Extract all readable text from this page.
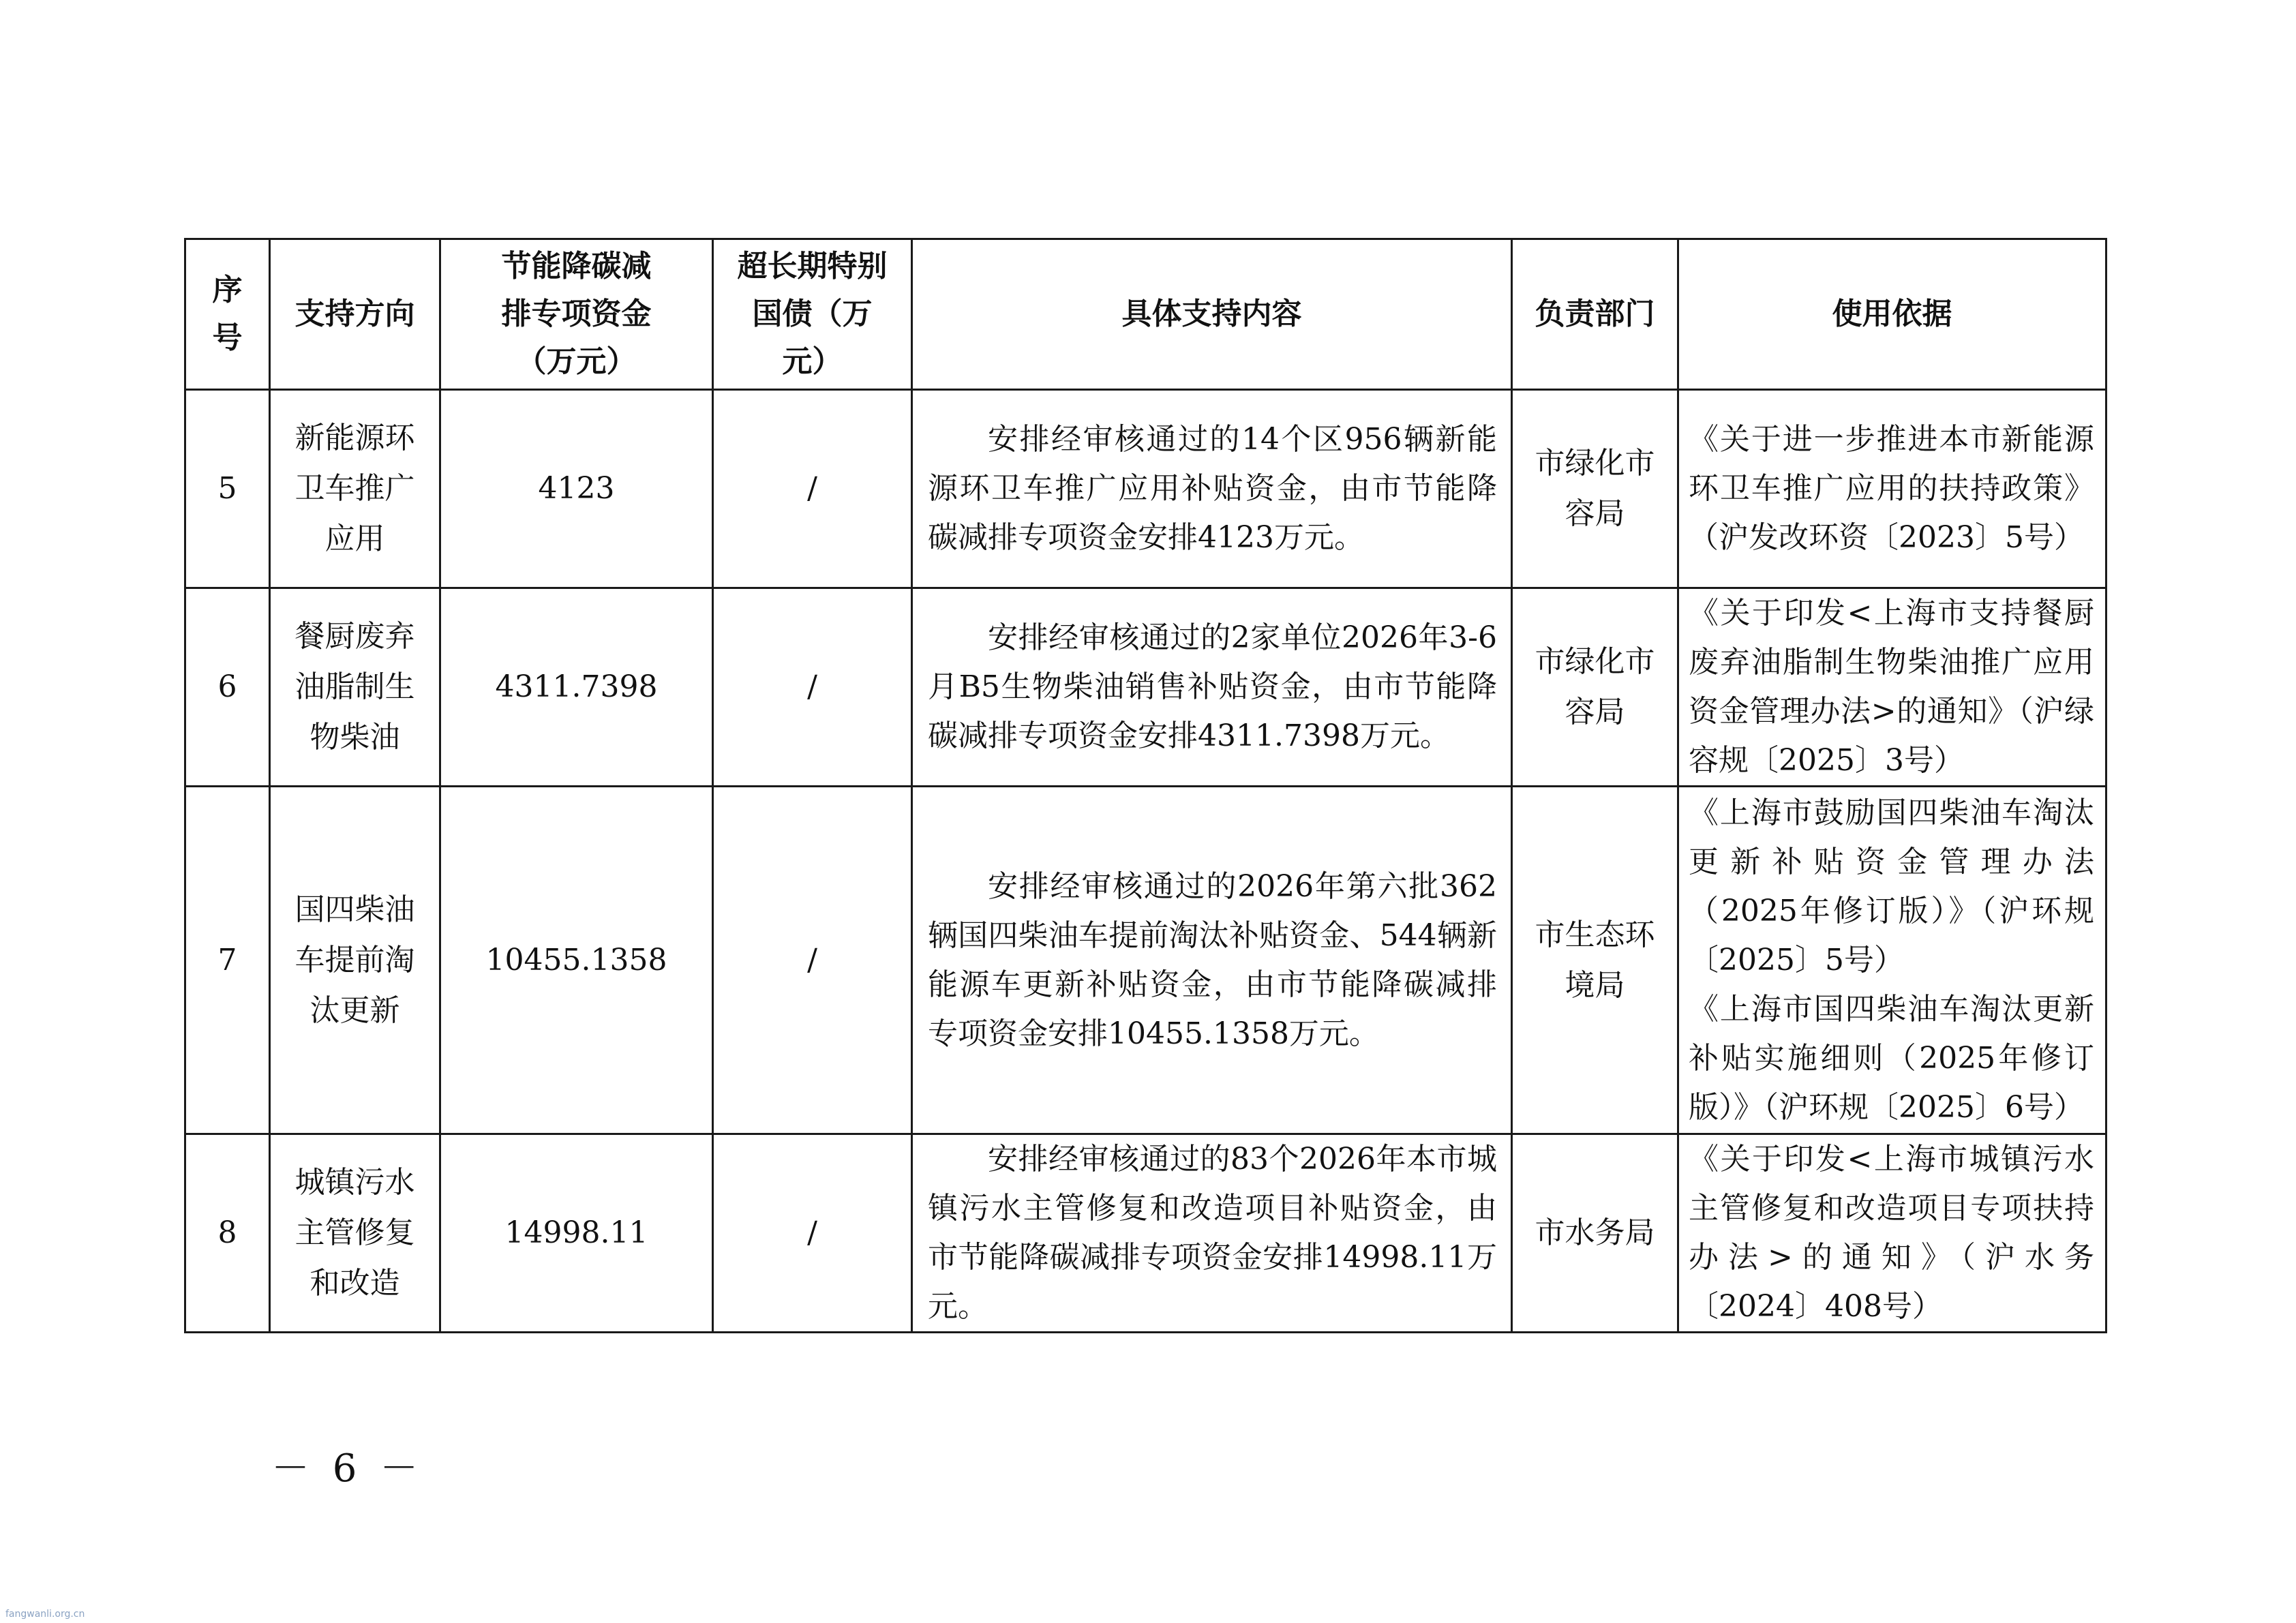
序号	支持方向	节能降碳减排专项资金（万元）	超长期特别国债（万元）	具体支持内容	负责部门	使用依据

5	新能源环卫车推广应用	4123	/	安排经审核通过的14个区956辆新能源环卫车推广应用补贴资金，由市节能降碳减排专项资金安排4123万元。	市绿化市容局	《关于进一步推进本市新能源环卫车推广应用的扶持政策》（沪发改环资〔2023〕5号）

6	餐厨废弃油脂制生物柴油	4311.7398	/	安排经审核通过的2家单位2026年3-6月B5生物柴油销售补贴资金，由市节能降碳减排专项资金安排4311.7398万元。	市绿化市容局	《关于印发<上海市支持餐厨废弃油脂制生物柴油推广应用资金管理办法>的通知》（沪绿容规〔2025〕3号）

7	国四柴油车提前淘汰更新	10455.1358	/	安排经审核通过的2026年第六批362辆国四柴油车提前淘汰补贴资金、544辆新能源车更新补贴资金，由市节能降碳减排专项资金安排10455.1358万元。	市生态环境局	《上海市鼓励国四柴油车淘汰更新补贴资金管理办法（2025年修订版）》（沪环规〔2025〕5号）
《上海市国四柴油车淘汰更新补贴实施细则（2025年修订版）》（沪环规〔2025〕6号）

8	城镇污水主管修复和改造	14998.11	/	安排经审核通过的83个2026年本市城镇污水主管修复和改造项目补贴资金，由市节能降碳减排专项资金安排14998.11万元。	市水务局	《关于印发<上海市城镇污水主管修复和改造项目专项扶持办法>的通知》（沪水务〔2024〕408号）
－ 6 －
fangwanli.org.cn
